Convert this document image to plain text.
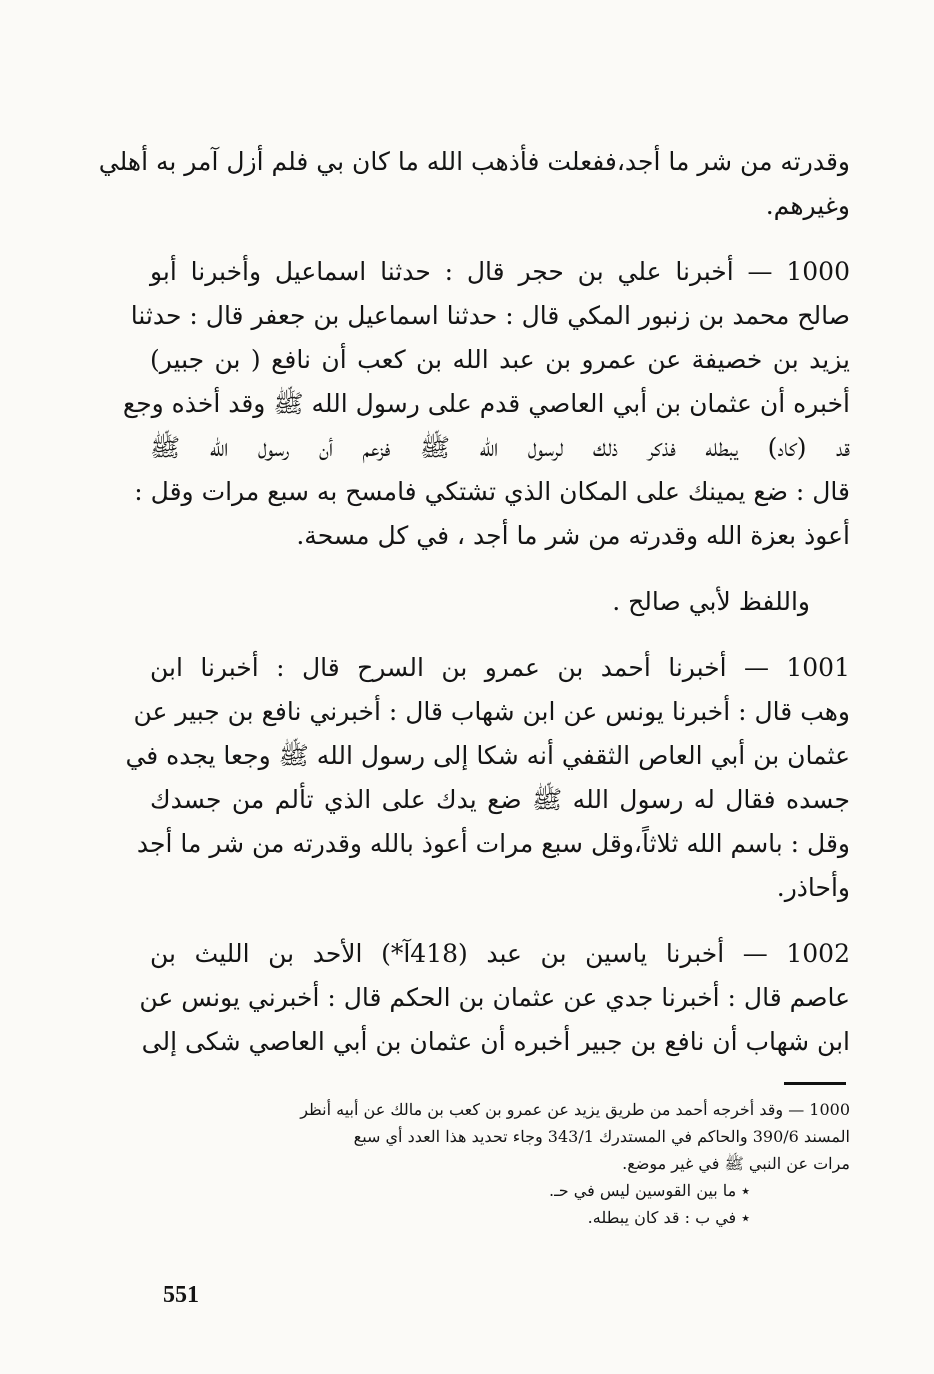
وقدرته من شر ما أجد،ففعلت فأذهب الله ما كان بي فلم أزل آمر به أهلي
وغيرهم.
1000 — أخبرنا علي بن حجر قال : حدثنا اسماعيل وأخبرنا أبو
صالح محمد بن زنبور المكي قال : حدثنا اسماعيل بن جعفر قال : حدثنا
يزيد بن خصيفة عن عمرو بن عبد الله بن كعب أن نافع ( بن جبير)
أخبره أن عثمان بن أبي العاصي قدم على رسول الله ﷺ وقد أخذه وجع
قد (كاد) يبطله فذكر ذلك لرسول الله ﷺ فزعم أن رسول الله ﷺ
قال : ضع يمينك على المكان الذي تشتكي فامسح به سبع مرات وقل :
أعوذ بعزة الله وقدرته من شر ما أجد ، في كل مسحة.
واللفظ لأبي صالح .
1001 — أخبرنا أحمد بن عمرو بن السرح قال : أخبرنا ابن
وهب قال : أخبرنا يونس عن ابن شهاب قال : أخبرني نافع بن جبير عن
عثمان بن أبي العاص الثقفي أنه شكا إلى رسول الله ﷺ وجعا يجده في
جسده فقال له رسول الله ﷺ ضع يدك على الذي تألم من جسدك
وقل : باسم الله ثلاثاً،وقل سبع مرات أعوذ بالله وقدرته من شر ما أجد
وأحاذر.
1002 — أخبرنا ياسين بن عبد (418آ*) الأحد بن الليث بن
عاصم قال : أخبرنا جدي عن عثمان بن الحكم قال : أخبرني يونس عن
ابن شهاب أن نافع بن جبير أخبره أن عثمان بن أبي العاصي شكى إلى
1000 — وقد أخرجه أحمد من طريق يزيد عن عمرو بن كعب بن مالك عن أبيه أنظر
المسند 390/6 والحاكم في المستدرك 343/1 وجاء تحديد هذا العدد أي سبع
مرات عن النبي ﷺ في غير موضع.
٭ ما بين القوسين ليس في حـ.
٭ في ب : قد كان يبطله.
551
